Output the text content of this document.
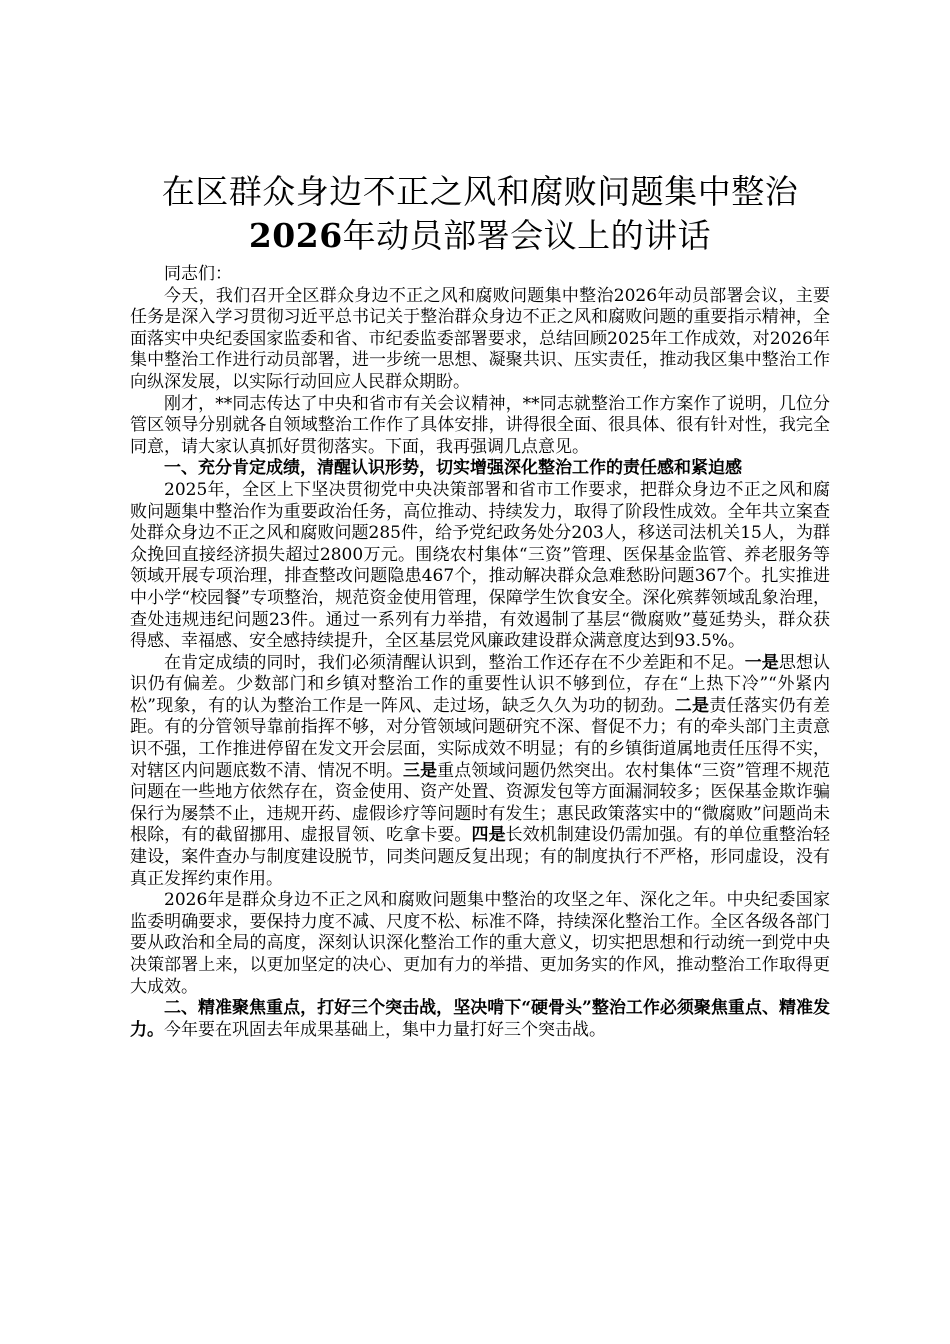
在区群众身边不正之风和腐败问题集中整治
2026年动员部署会议上的讲话

同志们：

今天，我们召开全区群众身边不正之风和腐败问题集中整治2026年动员部署会议，主要任务是深入学习贯彻习近平总书记关于整治群众身边不正之风和腐败问题的重要指示精神，全面落实中央纪委国家监委和省、市纪委监委部署要求，总结回顾2025年工作成效，对2026年集中整治工作进行动员部署，进一步统一思想、凝聚共识、压实责任，推动我区集中整治工作向纵深发展，以实际行动回应人民群众期盼。

刚才，**同志传达了中央和省市有关会议精神，**同志就整治工作方案作了说明，几位分管区领导分别就各自领域整治工作作了具体安排，讲得很全面、很具体、很有针对性，我完全同意，请大家认真抓好贯彻落实。下面，我再强调几点意见。

一、充分肯定成绩，清醒认识形势，切实增强深化整治工作的责任感和紧迫感

2025年，全区上下坚决贯彻党中央决策部署和省市工作要求，把群众身边不正之风和腐败问题集中整治作为重要政治任务，高位推动、持续发力，取得了阶段性成效。全年共立案查处群众身边不正之风和腐败问题285件，给予党纪政务处分203人，移送司法机关15人，为群众挽回直接经济损失超过2800万元。围绕农村集体“三资”管理、医保基金监管、养老服务等领域开展专项治理，排查整改问题隐患467个，推动解决群众急难愁盼问题367个。扎实推进中小学“校园餐”专项整治，规范资金使用管理，保障学生饮食安全。深化殡葬领域乱象治理，查处违规违纪问题23件。通过一系列有力举措，有效遏制了基层“微腐败”蔓延势头，群众获得感、幸福感、安全感持续提升，全区基层党风廉政建设群众满意度达到93.5%。

在肯定成绩的同时，我们必须清醒认识到，整治工作还存在不少差距和不足。一是思想认识仍有偏差。少数部门和乡镇对整治工作的重要性认识不够到位，存在“上热下冷”“外紧内松”现象，有的认为整治工作是一阵风、走过场，缺乏久久为功的韧劲。二是责任落实仍有差距。有的分管领导靠前指挥不够，对分管领域问题研究不深、督促不力；有的牵头部门主责意识不强，工作推进停留在发文开会层面，实际成效不明显；有的乡镇街道属地责任压得不实，对辖区内问题底数不清、情况不明。三是重点领域问题仍然突出。农村集体“三资”管理不规范问题在一些地方依然存在，资金使用、资产处置、资源发包等方面漏洞较多；医保基金欺诈骗保行为屡禁不止，违规开药、虚假诊疗等问题时有发生；惠民政策落实中的“微腐败”问题尚未根除，有的截留挪用、虚报冒领、吃拿卡要。四是长效机制建设仍需加强。有的单位重整治轻建设，案件查办与制度建设脱节，同类问题反复出现；有的制度执行不严格，形同虚设，没有真正发挥约束作用。

2026年是群众身边不正之风和腐败问题集中整治的攻坚之年、深化之年。中央纪委国家监委明确要求，要保持力度不减、尺度不松、标准不降，持续深化整治工作。全区各级各部门要从政治和全局的高度，深刻认识深化整治工作的重大意义，切实把思想和行动统一到党中央决策部署上来，以更加坚定的决心、更加有力的举措、更加务实的作风，推动整治工作取得更大成效。

二、精准聚焦重点，打好三个突击战，坚决啃下“硬骨头”整治工作必须聚焦重点、精准发力。今年要在巩固去年成果基础上，集中力量打好三个突击战。
